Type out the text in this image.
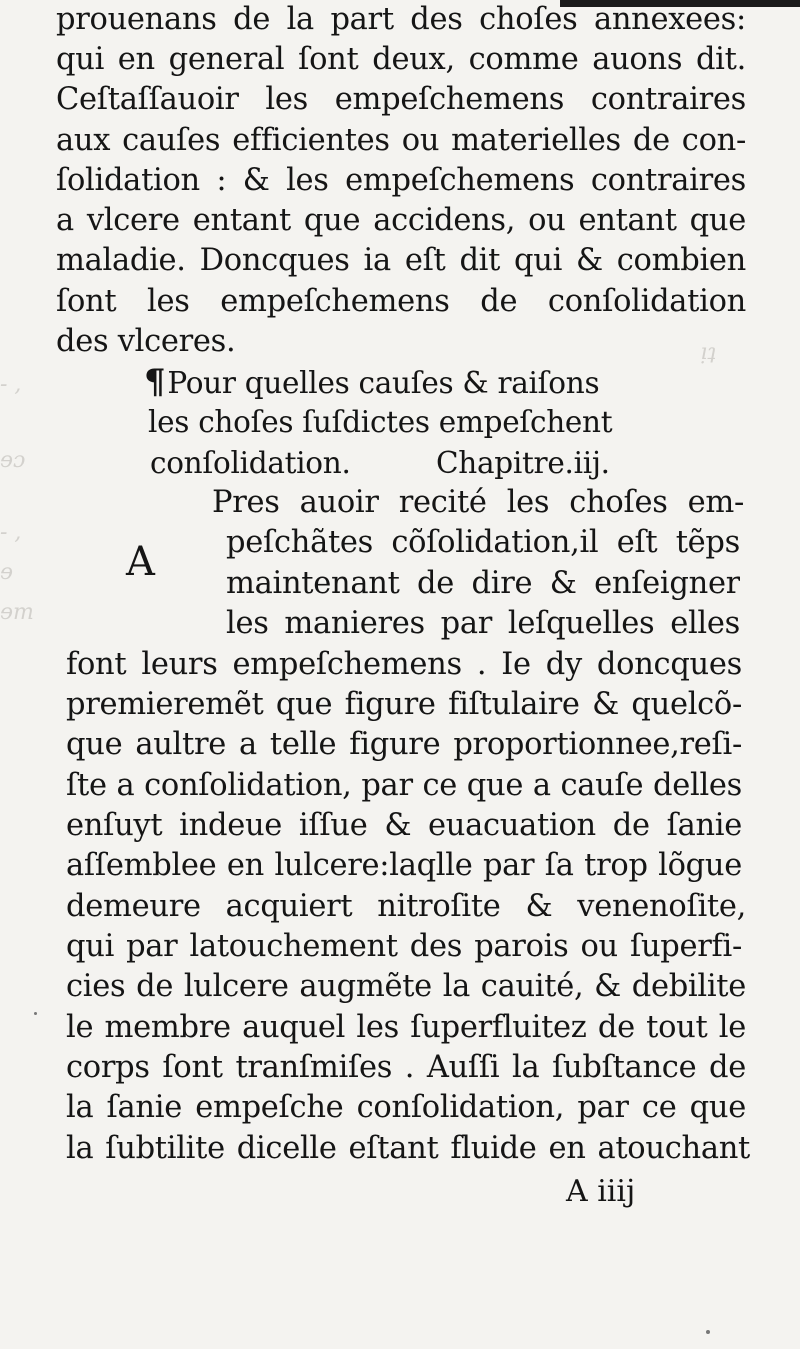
ᴉʇ
- ,
ɘɔ
- ,
ɘ
ɘm
prouenans de la part des choſes annexees:
qui en general ſont deux, comme auons dit.
Ceſtaſſauoir les empeſchemens contraires
aux cauſes efficientes ou materielles de con-
ſolidation : & les empeſchemens contraires
a vlcere entant que accidens, ou entant que
maladie. Doncques ia eſt dit qui & combien
ſont les empeſchemens de conſolidation
des vlceres.
¶Pour quelles cauſes & raiſons
les choſes ſuſdictes empeſchent
conſolidation.	Chapitre.iij.
A
Pres auoir recité les choſes em-
peſchãtes cõſolidation,il eſt tẽps
maintenant de dire & enſeigner
les manieres par leſquelles elles
font leurs empeſchemens . Ie dy doncques
premieremẽt que figure fiſtulaire & quelcõ-
que aultre a telle figure proportionnee,reſi-
ſte a conſolidation, par ce que a cauſe delles
enſuyt indeue iſſue & euacuation de ſanie
aſſemblee en lulcere:laqlle par ſa trop lõgue
demeure acquiert nitroſite & venenoſite,
qui par latouchement des parois ou ſuperfi-
cies de lulcere augmẽte la cauité, & debilite
le membre auquel les ſuperfluitez de tout le
corps ſont tranſmiſes . Auſſi la ſubſtance de
la ſanie empeſche conſolidation, par ce que
la ſubtilite dicelle eſtant fluide en atouchant
A iiij
